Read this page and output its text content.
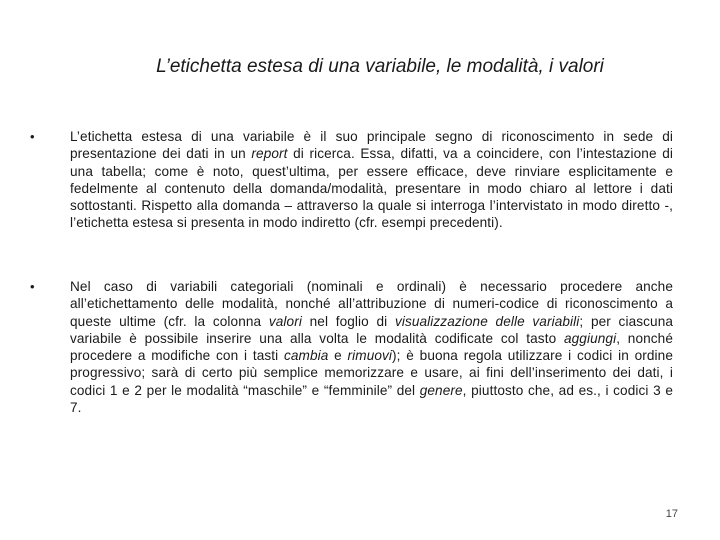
L’etichetta estesa di una variabile, le modalità, i valori
•	L’etichetta estesa di una variabile è il suo principale segno di riconoscimento in sede di presentazione dei dati in un report di ricerca. Essa, difatti, va a coincidere, con l’intestazione di una tabella; come è noto, quest’ultima, per essere efficace, deve rinviare esplicitamente e fedelmente al contenuto della domanda/modalità, presentare in modo chiaro al lettore i dati sottostanti. Rispetto alla domanda – attraverso la quale si interroga l’intervistato in modo diretto -, l’etichetta estesa si presenta in modo indiretto (cfr. esempi precedenti).

•	Nel caso di variabili categoriali (nominali e ordinali) è necessario procedere anche all’etichettamento delle modalità, nonché all’attribuzione di numeri-codice di riconoscimento a queste ultime (cfr. la colonna valori nel foglio di visualizzazione delle variabili; per ciascuna variabile è possibile inserire una alla volta le modalità codificate col tasto aggiungi, nonché procedere a modifiche con i tasti cambia e rimuovi); è buona regola utilizzare i codici in ordine progressivo; sarà di certo più semplice memorizzare e usare, ai fini dell’inserimento dei dati, i codici 1 e 2 per le modalità “maschile” e “femminile” del genere, piuttosto che, ad es., i codici 3 e 7.

17
